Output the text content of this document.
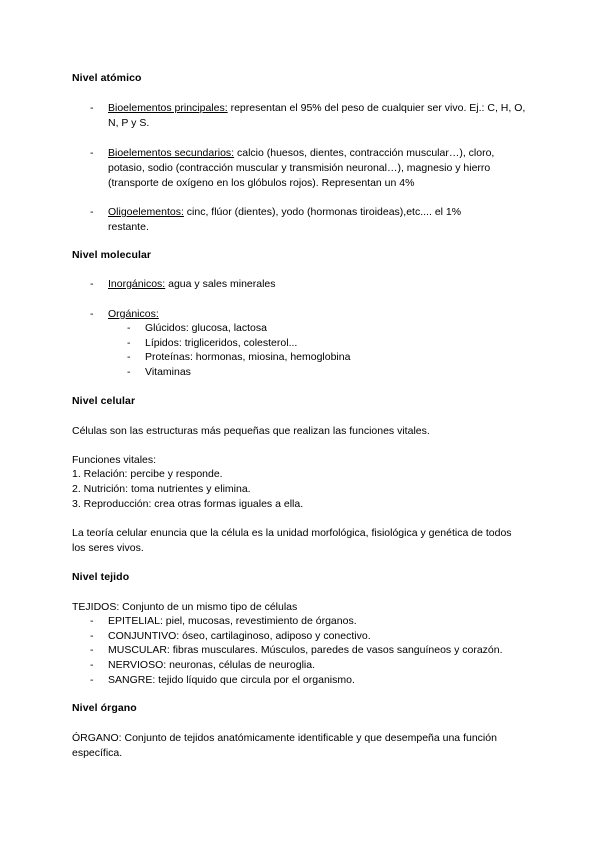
Nivel atómico
- Bioelementos principales: representan el 95% del peso de cualquier ser vivo. Ej.: C, H, O, N, P y S.
- Bioelementos secundarios: calcio (huesos, dientes, contracción muscular…), cloro, potasio, sodio (contracción muscular y transmisión neuronal…), magnesio y hierro (transporte de oxígeno en los glóbulos rojos). Representan un 4%
- Oligoelementos: cinc, flúor (dientes), yodo (hormonas tiroideas),etc.... el 1% restante.
Nivel molecular
- Inorgánicos: agua y sales minerales
- Orgánicos:
- Glúcidos: glucosa, lactosa
- Lípidos: trigliceridos, colesterol...
- Proteínas: hormonas, miosina, hemoglobina
- Vitaminas
Nivel celular
Células son las estructuras más pequeñas que realizan las funciones vitales.
Funciones vitales:
1. Relación: percibe y responde.
2. Nutrición: toma nutrientes y elimina.
3. Reproducción: crea otras formas iguales a ella.
La teoría celular enuncia que la célula es la unidad morfológica, fisiológica y genética de todos los seres vivos.
Nivel tejido
TEJIDOS: Conjunto de un mismo tipo de células
- EPITELIAL: piel, mucosas, revestimiento de órganos.
- CONJUNTIVO: óseo, cartilaginoso, adiposo y conectivo.
- MUSCULAR: fibras musculares. Músculos, paredes de vasos sanguíneos y corazón.
- NERVIOSO: neuronas, células de neuroglia.
- SANGRE: tejido líquido que circula por el organismo.
Nivel órgano
ÓRGANO: Conjunto de tejidos anatómicamente identificable y que desempeña una función específica.
